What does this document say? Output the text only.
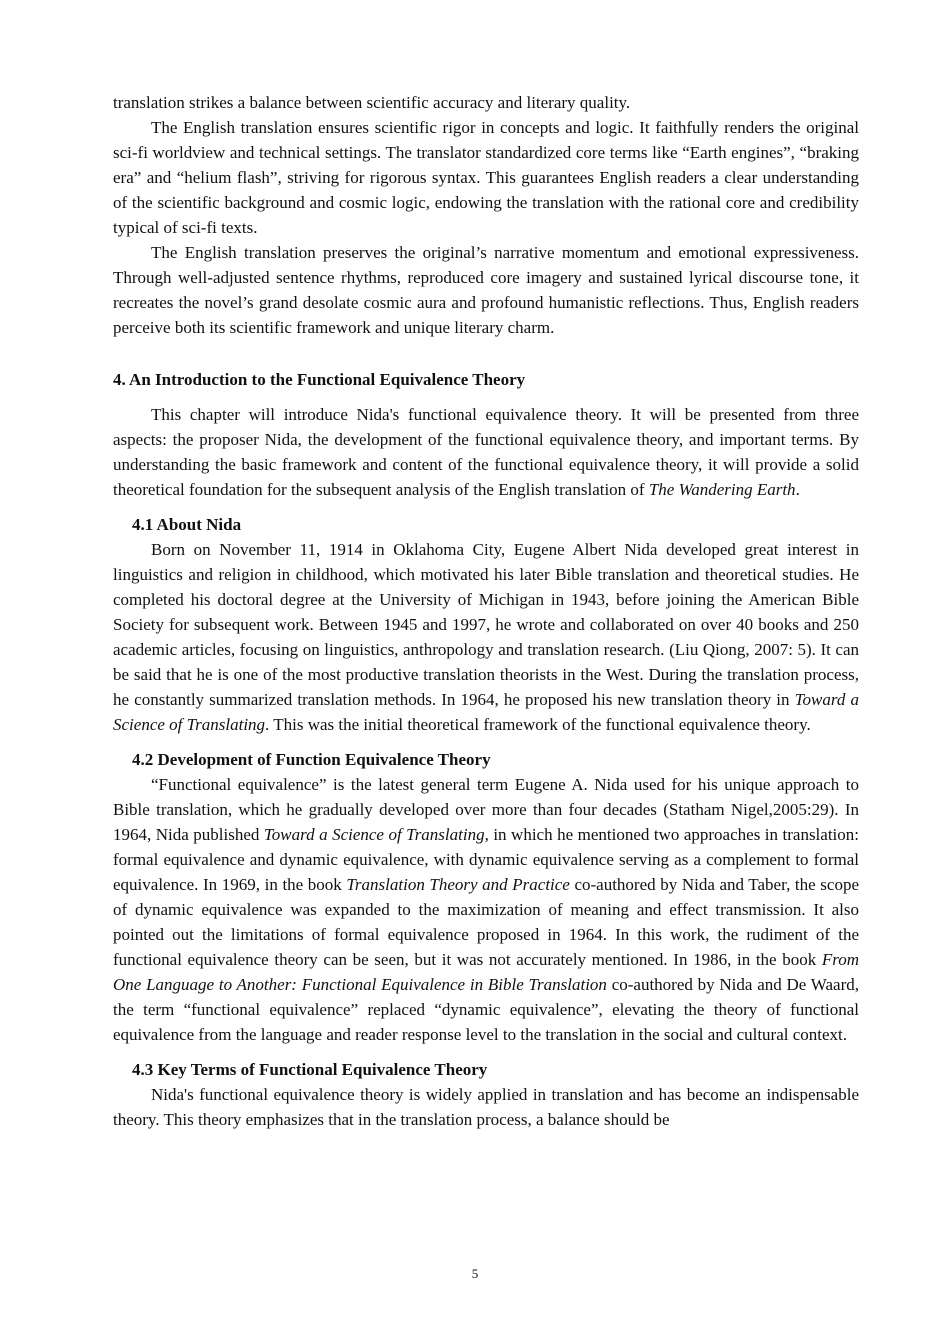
translation strikes a balance between scientific accuracy and literary quality.

The English translation ensures scientific rigor in concepts and logic. It faithfully renders the original sci-fi worldview and technical settings. The translator standardized core terms like “Earth engines”, “braking era” and “helium flash”, striving for rigorous syntax. This guarantees English readers a clear understanding of the scientific background and cosmic logic, endowing the translation with the rational core and credibility typical of sci-fi texts.

The English translation preserves the original’s narrative momentum and emotional expressiveness. Through well-adjusted sentence rhythms, reproduced core imagery and sustained lyrical discourse tone, it recreates the novel’s grand desolate cosmic aura and profound humanistic reflections. Thus, English readers perceive both its scientific framework and unique literary charm.

4. An Introduction to the Functional Equivalence Theory

This chapter will introduce Nida's functional equivalence theory. It will be presented from three aspects: the proposer Nida, the development of the functional equivalence theory, and important terms. By understanding the basic framework and content of the functional equivalence theory, it will provide a solid theoretical foundation for the subsequent analysis of the English translation of The Wandering Earth.

4.1 About Nida

Born on November 11, 1914 in Oklahoma City, Eugene Albert Nida developed great interest in linguistics and religion in childhood, which motivated his later Bible translation and theoretical studies. He completed his doctoral degree at the University of Michigan in 1943, before joining the American Bible Society for subsequent work. Between 1945 and 1997, he wrote and collaborated on over 40 books and 250 academic articles, focusing on linguistics, anthropology and translation research. (Liu Qiong, 2007: 5). It can be said that he is one of the most productive translation theorists in the West. During the translation process, he constantly summarized translation methods. In 1964, he proposed his new translation theory in Toward a Science of Translating. This was the initial theoretical framework of the functional equivalence theory.

4.2 Development of Function Equivalence Theory

“Functional equivalence” is the latest general term Eugene A. Nida used for his unique approach to Bible translation, which he gradually developed over more than four decades (Statham Nigel,2005:29). In 1964, Nida published Toward a Science of Translating, in which he mentioned two approaches in translation: formal equivalence and dynamic equivalence, with dynamic equivalence serving as a complement to formal equivalence. In 1969, in the book Translation Theory and Practice co-authored by Nida and Taber, the scope of dynamic equivalence was expanded to the maximization of meaning and effect transmission. It also pointed out the limitations of formal equivalence proposed in 1964. In this work, the rudiment of the functional equivalence theory can be seen, but it was not accurately mentioned. In 1986, in the book From One Language to Another: Functional Equivalence in Bible Translation co-authored by Nida and De Waard, the term “functional equivalence” replaced “dynamic equivalence”, elevating the theory of functional equivalence from the language and reader response level to the translation in the social and cultural context.

4.3 Key Terms of Functional Equivalence Theory

Nida's functional equivalence theory is widely applied in translation and has become an indispensable theory. This theory emphasizes that in the translation process, a balance should be

5
